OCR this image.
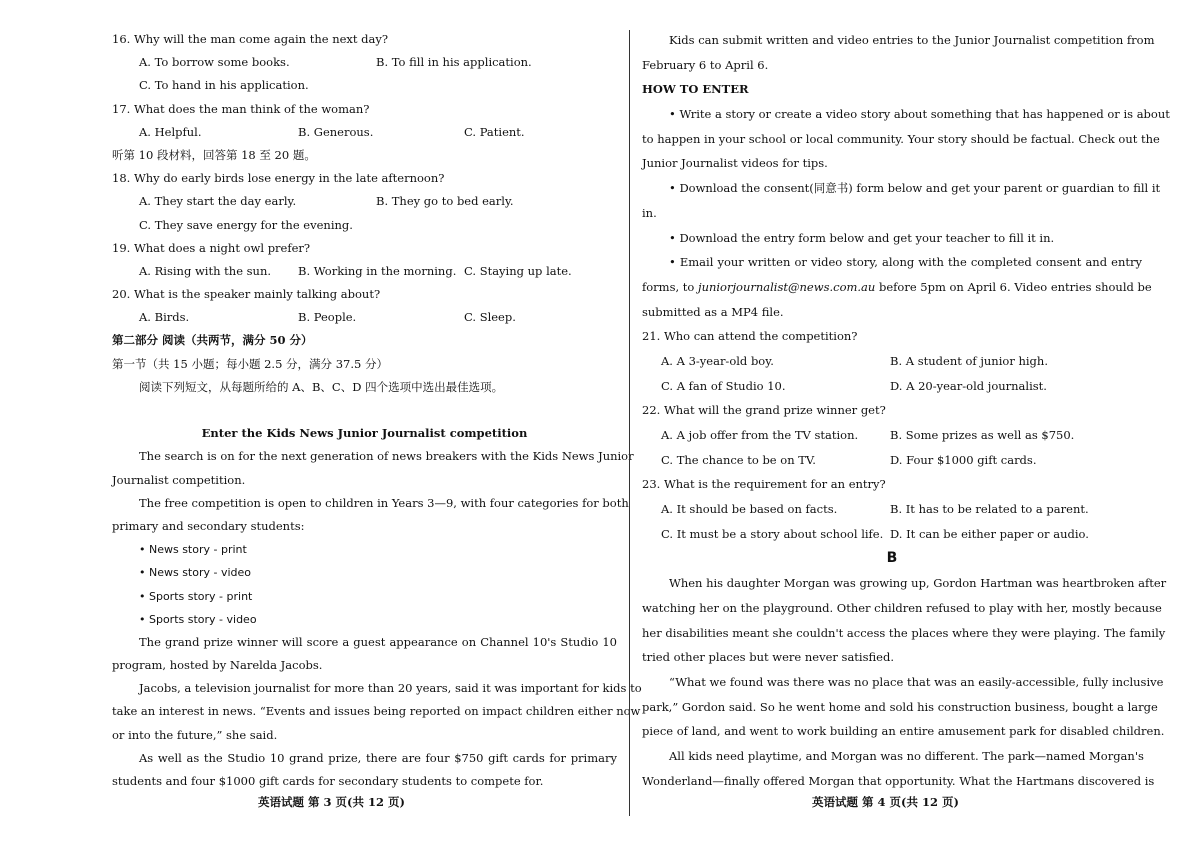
16. Why will the man come again the next day?
A. To borrow some books.	B. To fill in his application.
C. To hand in his application.
17. What does the man think of the woman?
A. Helpful.	B. Generous.	C. Patient.
听第 10 段材料，回答第 18 至 20 题。
18. Why do early birds lose energy in the late afternoon?
A. They start the day early.	B. They go to bed early.
C. They save energy for the evening.
19. What does a night owl prefer?
A. Rising with the sun.	B. Working in the morning. C. Staying up late.
20. What is the speaker mainly talking about?
A. Birds.	B. People.	C. Sleep.
第二部分 阅读（共两节，满分 50 分）
第一节（共 15 小题；每小题 2.5 分，满分 37.5 分）
阅读下列短文，从每题所给的 A、B、C、D 四个选项中选出最佳选项。
Enter the Kids News Junior Journalist competition
The search is on for the next generation of news breakers with the Kids News Junior
Journalist competition.
The free competition is open to children in Years 3—9, with four categories for both
primary and secondary students:
• News story - print
• News story - video
• Sports story - print
• Sports story - video
The grand prize winner will score a guest appearance on Channel 10's Studio 10
program, hosted by Narelda Jacobs.
Jacobs, a television journalist for more than 20 years, said it was important for kids to
take an interest in news. “Events and issues being reported on impact children either now
or into the future,” she said.
As well as the Studio 10 grand prize, there are four $750 gift cards for primary
students and four $1000 gift cards for secondary students to compete for.
Kids can submit written and video entries to the Junior Journalist competition from
February 6 to April 6.
HOW TO ENTER
• Write a story or create a video story about something that has happened or is about
to happen in your school or local community. Your story should be factual. Check out the
Junior Journalist videos for tips.
• Download the consent(同意书) form below and get your parent or guardian to fill it
in.
• Download the entry form below and get your teacher to fill it in.
• Email your written or video story, along with the completed consent and entry
forms, to juniorjournalist@news.com.au before 5pm on April 6. Video entries should be
submitted as a MP4 file.
21. Who can attend the competition?
A. A 3-year-old boy.	B. A student of junior high.
C. A fan of Studio 10.	D. A 20-year-old journalist.
22. What will the grand prize winner get?
A. A job offer from the TV station.	B. Some prizes as well as $750.
C. The chance to be on TV.	D. Four $1000 gift cards.
23. What is the requirement for an entry?
A. It should be based on facts.	B. It has to be related to a parent.
C. It must be a story about school life. D. It can be either paper or audio.
B
When his daughter Morgan was growing up, Gordon Hartman was heartbroken after
watching her on the playground. Other children refused to play with her, mostly because
her disabilities meant she couldn't access the places where they were playing. The family
tried other places but were never satisfied.
“What we found was there was no place that was an easily-accessible, fully inclusive
park,” Gordon said. So he went home and sold his construction business, bought a large
piece of land, and went to work building an entire amusement park for disabled children.
All kids need playtime, and Morgan was no different. The park—named Morgan's
Wonderland—finally offered Morgan that opportunity. What the Hartmans discovered is
英语试题 第 3 页(共 12 页)	英语试题 第 4 页(共 12 页)
